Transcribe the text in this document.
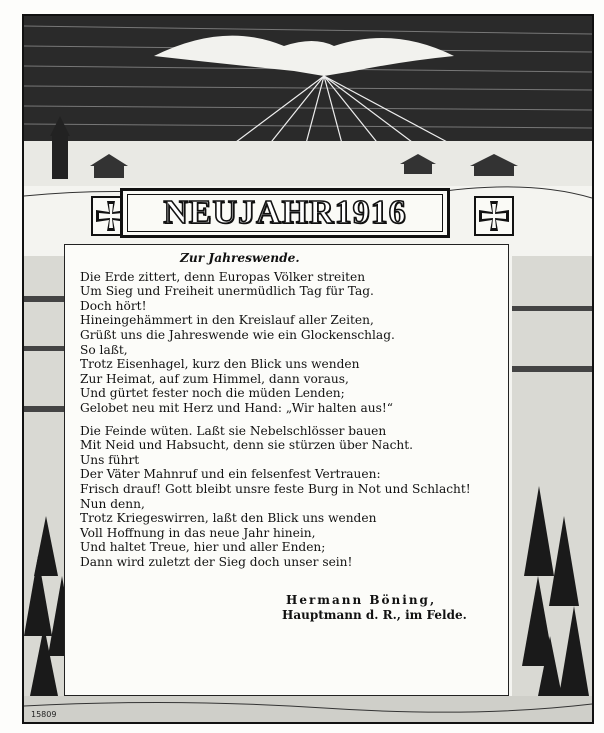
NEUJAHR1916
Zur Jahreswende.
Die Erde zittert, denn Europas Völker streiten
Um Sieg und Freiheit unermüdlich Tag für Tag.
Doch hört!
Hineingehämmert in den Kreislauf aller Zeiten,
Grüßt uns die Jahreswende wie ein Glockenschlag.
So laßt,
Trotz Eisenhagel, kurz den Blick uns wenden
Zur Heimat, auf zum Himmel, dann voraus,
Und gürtet fester noch die müden Lenden;
Gelobet neu mit Herz und Hand: „Wir halten aus!“
Die Feinde wüten. Laßt sie Nebelschlösser bauen
Mit Neid und Habsucht, denn sie stürzen über Nacht.
Uns führt
Der Väter Mahnruf und ein felsenfest Vertrauen:
Frisch drauf! Gott bleibt unsre feste Burg in Not und Schlacht!
Nun denn,
Trotz Kriegeswirren, laßt den Blick uns wenden
Voll Hoffnung in das neue Jahr hinein,
Und haltet Treue, hier und aller Enden;
Dann wird zuletzt der Sieg doch unser sein!
Hermann Böning,
Hauptmann d. R., im Felde.
15809
